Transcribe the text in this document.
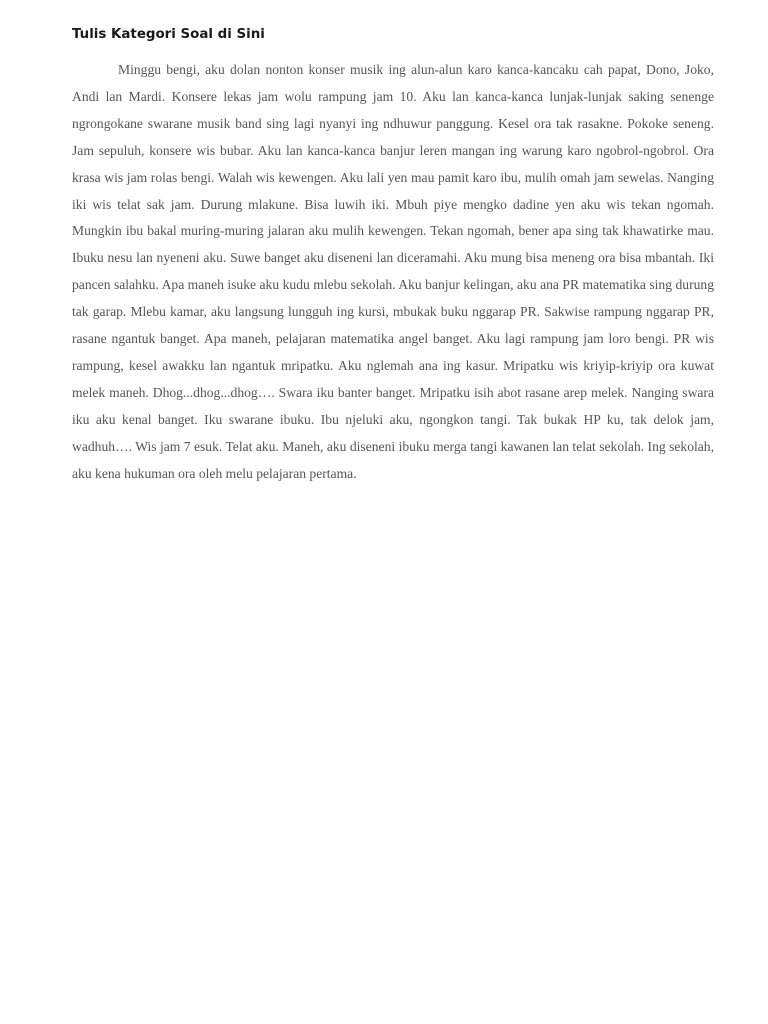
Tulis Kategori Soal di Sini

Minggu bengi, aku dolan nonton konser musik ing alun-alun karo kanca-kancaku cah papat, Dono, Joko, Andi lan Mardi. Konsere lekas jam wolu rampung jam 10. Aku lan kanca-kanca lunjak-lunjak saking senenge ngrongokane swarane musik band sing lagi nyanyi ing ndhuwur panggung. Kesel ora tak rasakne. Pokoke seneng. Jam sepuluh, konsere wis bubar. Aku lan kanca-kanca banjur leren mangan ing warung karo ngobrol-ngobrol. Ora krasa wis jam rolas bengi. Walah wis kewengen. Aku lali yen mau pamit karo ibu, mulih omah jam sewelas. Nanging iki wis telat sak jam. Durung mlakune. Bisa luwih iki. Mbuh piye mengko dadine yen aku wis tekan ngomah. Mungkin ibu bakal muring-muring jalaran aku mulih kewengen. Tekan ngomah, bener apa sing tak khawatirke mau. Ibuku nesu lan nyeneni aku. Suwe banget aku diseneni lan diceramahi. Aku mung bisa meneng ora bisa mbantah. Iki pancen salahku. Apa maneh isuke aku kudu mlebu sekolah. Aku banjur kelingan, aku ana PR matematika sing durung tak garap. Mlebu kamar, aku langsung lungguh ing kursi, mbukak buku nggarap PR. Sakwise rampung nggarap PR, rasane ngantuk banget. Apa maneh, pelajaran matematika angel banget. Aku lagi rampung jam loro bengi. PR wis rampung, kesel awakku lan ngantuk mripatku. Aku nglemah ana ing kasur. Mripatku wis kriyip-kriyip ora kuwat melek maneh. Dhog...dhog...dhog…. Swara iku banter banget. Mripatku isih abot rasane arep melek. Nanging swara iku aku kenal banget. Iku swarane ibuku. Ibu njeluki aku, ngongkon tangi. Tak bukak HP ku, tak delok jam, wadhuh…. Wis jam 7 esuk. Telat aku. Maneh, aku diseneni ibuku merga tangi kawanen lan telat sekolah. Ing sekolah, aku kena hukuman ora oleh melu pelajaran pertama.
